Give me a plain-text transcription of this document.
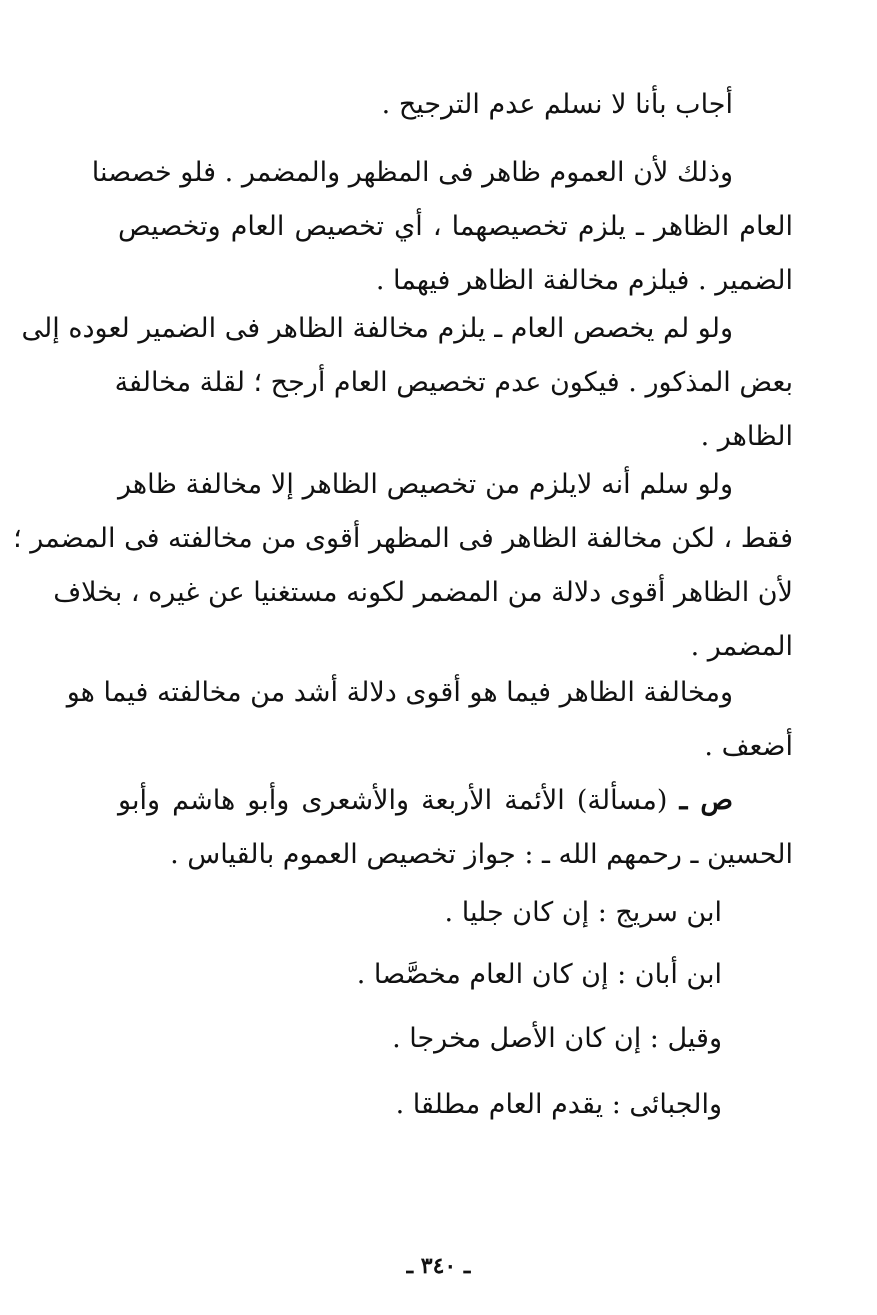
أجاب بأنا لا نسلم عدم الترجيح .
وذلك لأن العموم ظاهر فى المظهر والمضمر . فلو خصصنا
العام الظاهر ـ يلزم تخصيصهما ، أي تخصيص العام وتخصيص
الضمير . فيلزم مخالفة الظاهر فيهما .
ولو لم يخصص العام ـ يلزم مخالفة الظاهر فى الضمير لعوده إلى
بعض المذكور . فيكون عدم تخصيص العام أرجح ؛ لقلة مخالفة
الظاهر .
ولو سلم أنه لايلزم من تخصيص الظاهر إلا مخالفة ظاهر
فقط ، لكن مخالفة الظاهر فى المظهر أقوى من مخالفته فى المضمر ؛
لأن الظاهر أقوى دلالة من المضمر لكونه مستغنيا عن غيره ، بخلاف
المضمر .
ومخالفة الظاهر فيما هو أقوى دلالة أشد من مخالفته فيما هو
أضعف .
ص ـ (مسألة) الأئمة الأربعة والأشعرى وأبو هاشم وأبو
الحسين ـ رحمهم الله ـ : جواز تخصيص العموم بالقياس .
ابن سريج : إن كان جليا .
ابن أبان : إن كان العام مخصَّصا .
وقيل : إن كان الأصل مخرجا .
والجبائى : يقدم العام مطلقا .
ـ ٣٤٠ ـ
